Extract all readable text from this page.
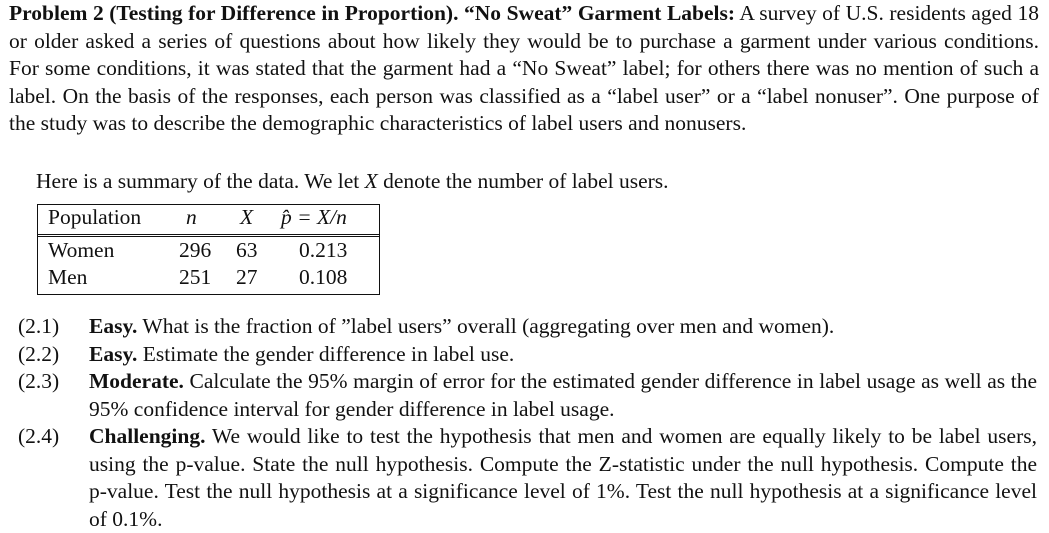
Problem 2 (Testing for Difference in Proportion). “No Sweat” Garment Labels: A survey of U.S. residents aged 18 or older asked a series of questions about how likely they would be to purchase a garment under various conditions. For some conditions, it was stated that the garment had a “No Sweat” label; for others there was no mention of such a label. On the basis of the responses, each person was classified as a “label user” or a “label nonuser”. One purpose of the study was to describe the demographic characteristics of label users and nonusers.

Here is a summary of the data. We let X denote the number of label users.

Population n X p̂ = X/n
Women	296 63 0.213
Men	251 27 0.108
(2.1) Easy. What is the fraction of ”label users” overall (aggregating over men and women).
(2.2) Easy. Estimate the gender difference in label use.
(2.3) Moderate. Calculate the 95% margin of error for the estimated gender difference in label usage as well as the 95% confidence interval for gender difference in label usage.
(2.4) Challenging. We would like to test the hypothesis that men and women are equally likely to be label users, using the p-value. State the null hypothesis. Compute the Z-statistic under the null hypothesis. Compute the p-value. Test the null hypothesis at a significance level of 1%. Test the null hypothesis at a significance level of 0.1%.
